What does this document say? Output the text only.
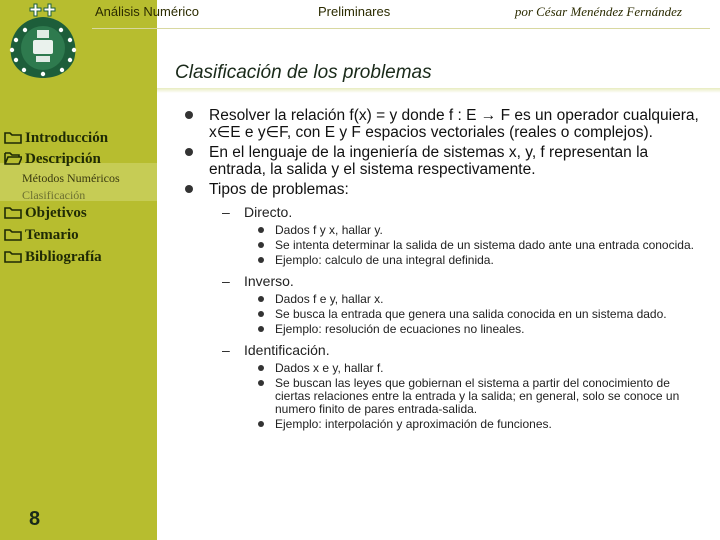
Introducción
Descripción
Métodos Numéricos
Clasificación
Objetivos
Temario
Bibliografía
8
Análisis Numérico	Preliminares	por César Menéndez Fernández
Clasificación de los problemas
Resolver la relación f(x) = y donde f : E → F es un operador cualquiera, x∈E e y∈F, con E y F espacios vectoriales (reales o complejos).
En el lenguaje de la ingeniería de sistemas x, y, f representan la entrada, la salida y el sistema respectivamente.
Tipos de problemas:
– Directo.
Dados f y x, hallar y.
Se intenta determinar la salida de un sistema dado ante una entrada conocida.
Ejemplo: calculo de una integral definida.
– Inverso.
Dados f e y, hallar x.
Se busca la entrada que genera una salida conocida en un sistema dado.
Ejemplo: resolución de ecuaciones no lineales.
– Identificación.
Dados x e y, hallar f.
Se buscan las leyes que gobiernan el sistema a partir del conocimiento de ciertas relaciones entre la entrada y la salida; en general, solo se conoce un numero finito de pares entrada-salida.
Ejemplo: interpolación y aproximación de funciones.
